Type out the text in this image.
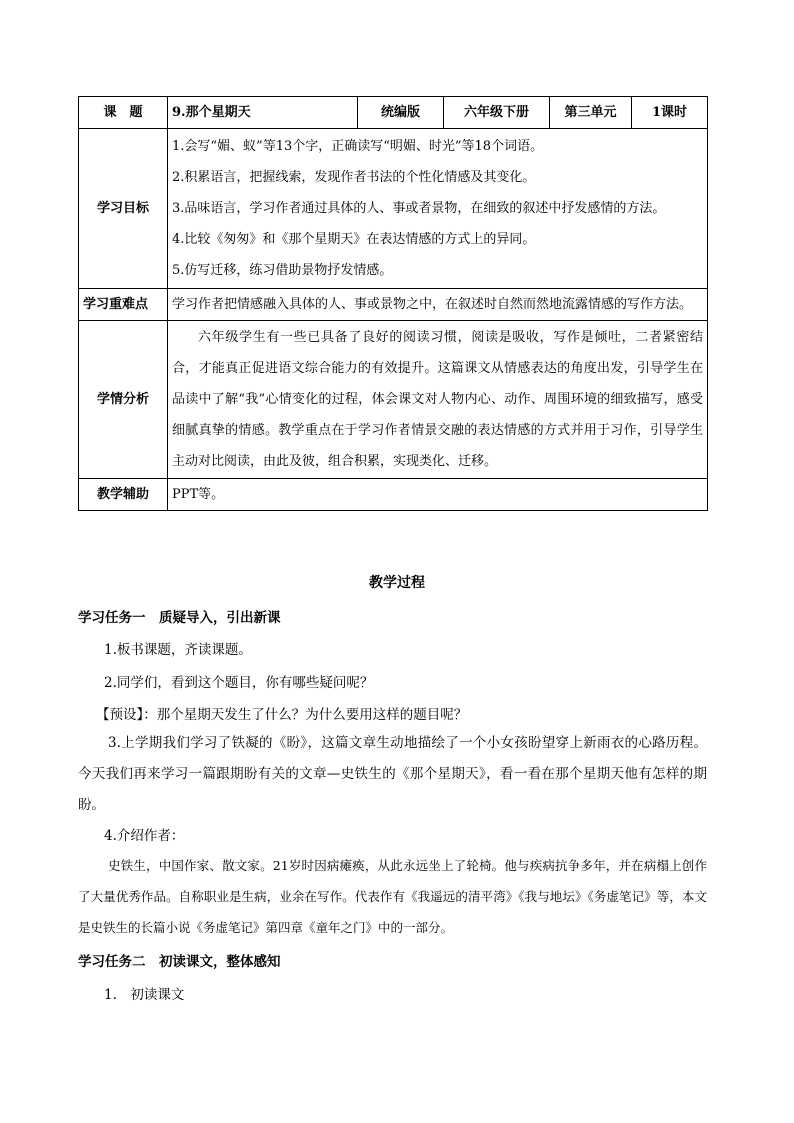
课　题	9.那个星期天	统编版	六年级下册	第三单元	1课时
学习目标	1.会写“媚、蚁”等13个字，正确读写“明媚、时光”等18个词语。
2.积累语言，把握线索，发现作者书法的个性化情感及其变化。
3.品味语言，学习作者通过具体的人、事或者景物，在细致的叙述中抒发感情的方法。
4.比较《匆匆》和《那个星期天》在表达情感的方式上的异同。
5.仿写迁移，练习借助景物抒发情感。				

学习重难点	学习作者把情感融入具体的人、事或景物之中，在叙述时自然而然地流露情感的写作方法。				
学情分析	六年级学生有一些已具备了良好的阅读习惯，阅读是吸收，写作是倾吐，二者紧密结合，才能真正促进语文综合能力的有效提升。这篇课文从情感表达的角度出发，引导学生在品读中了解“我”心情变化的过程，体会课文对人物内心、动作、周围环境的细致描写，感受细腻真挚的情感。教学重点在于学习作者情景交融的表达情感的方式并用于习作，引导学生主动对比阅读，由此及彼，组合积累，实现类化、迁移。				
教学辅助	PPT等。				
教学过程
学习任务一　质疑导入，引出新课
1.板书课题，齐读课题。
2.同学们，看到这个题目，你有哪些疑问呢？
【预设】：那个星期天发生了什么？为什么要用这样的题目呢？
3.上学期我们学习了铁凝的《盼》，这篇文章生动地描绘了一个小女孩盼望穿上新雨衣的心路历程。今天我们再来学习一篇跟期盼有关的文章—史铁生的《那个星期天》，看一看在那个星期天他有怎样的期盼。
4.介绍作者：
史铁生，中国作家、散文家。21岁时因病瘫痪，从此永远坐上了轮椅。他与疾病抗争多年，并在病榻上创作了大量优秀作品。自称职业是生病，业余在写作。代表作有《我遥远的清平湾》《我与地坛》《务虚笔记》等，本文是史铁生的长篇小说《务虚笔记》第四章《童年之门》中的一部分。
学习任务二　初读课文，整体感知
1.　初读课文
